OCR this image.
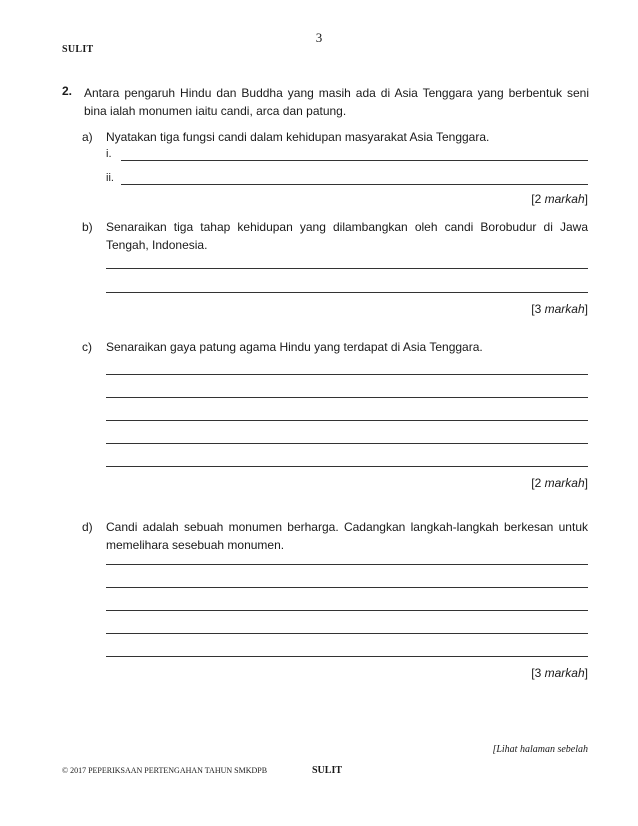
3
SULIT
2. Antara pengaruh Hindu dan Buddha yang masih ada di Asia Tenggara yang berbentuk seni bina ialah monumen iaitu candi, arca dan patung.
a) Nyatakan tiga fungsi candi dalam kehidupan masyarakat Asia Tenggara.
i.
ii.
[2 markah]
b) Senaraikan tiga tahap kehidupan yang dilambangkan oleh candi Borobudur di Jawa Tengah, Indonesia.
[3 markah]
c) Senaraikan gaya patung agama Hindu yang terdapat di Asia Tenggara.
[2 markah]
d) Candi adalah sebuah monumen berharga. Cadangkan langkah-langkah berkesan untuk memelihara sesebuah monumen.
[3 markah]
[Lihat halaman sebelah
© 2017 PEPERIKSAAN PERTENGAHAN TAHUN SMKDPB	SULIT
